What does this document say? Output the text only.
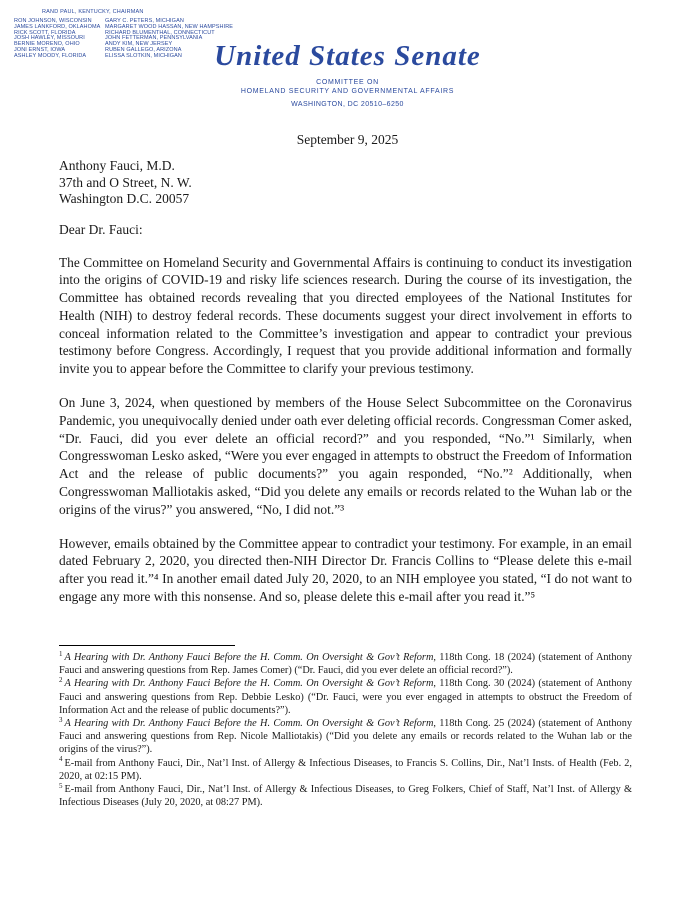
RAND PAUL, KENTUCKY, CHAIRMAN
RON JOHNSON, WISCONSIN
JAMES LANKFORD, OKLAHOMA
RICK SCOTT, FLORIDA
JOSH HAWLEY, MISSOURI
BERNIE MORENO, OHIO
JONI ERNST, IOWA
ASHLEY MOODY, FLORIDA
GARY C. PETERS, MICHIGAN
MARGARET WOOD HASSAN, NEW HAMPSHIRE
RICHARD BLUMENTHAL, CONNECTICUT
JOHN FETTERMAN, PENNSYLVANIA
ANDY KIM, NEW JERSEY
RUBEN GALLEGO, ARIZONA
ELISSA SLOTKIN, MICHIGAN	United States Senate
COMMITTEE ON
HOMELAND SECURITY AND GOVERNMENTAL AFFAIRS
WASHINGTON, DC 20510–6250
September 9, 2025
Anthony Fauci, M.D.
37th and O Street, N. W.
Washington D.C. 20057
Dear Dr. Fauci:

The Committee on Homeland Security and Governmental Affairs is continuing to conduct its investigation into the origins of COVID-19 and risky life sciences research. During the course of its investigation, the Committee has obtained records revealing that you directed employees of the National Institutes for Health (NIH) to destroy federal records. These documents suggest your direct involvement in efforts to conceal information related to the Committee’s investigation and appear to contradict your previous testimony before Congress. Accordingly, I request that you provide additional information and formally invite you to appear before the Committee to clarify your previous testimony.

On June 3, 2024, when questioned by members of the House Select Subcommittee on the Coronavirus Pandemic, you unequivocally denied under oath ever deleting official records. Congressman Comer asked, “Dr. Fauci, did you ever delete an official record?” and you responded, “No.”¹ Similarly, when Congresswoman Lesko asked, “Were you ever engaged in attempts to obstruct the Freedom of Information Act and the release of public documents?” you again responded, “No.”² Additionally, when Congresswoman Malliotakis asked, “Did you delete any emails or records related to the Wuhan lab or the origins of the virus?” you answered, “No, I did not.”³

However, emails obtained by the Committee appear to contradict your testimony. For example, in an email dated February 2, 2020, you directed then-NIH Director Dr. Francis Collins to “Please delete this e-mail after you read it.”⁴ In another email dated July 20, 2020, to an NIH employee you stated, “I do not want to engage any more with this nonsense. And so, please delete this e-mail after you read it.”⁵

$^1$ A Hearing with Dr. Anthony Fauci Before the H. Comm. On Oversight & Gov’t Reform, 118th Cong. 18 (2024) (statement of Anthony Fauci and answering questions from Rep. James Comer) (“Dr. Fauci, did you ever delete an official record?”).
$^2$ A Hearing with Dr. Anthony Fauci Before the H. Comm. On Oversight & Gov’t Reform, 118th Cong. 30 (2024) (statement of Anthony Fauci and answering questions from Rep. Debbie Lesko) (“Dr. Fauci, were you ever engaged in attempts to obstruct the Freedom of Information Act and the release of public documents?”).
$^3$ A Hearing with Dr. Anthony Fauci Before the H. Comm. On Oversight & Gov’t Reform, 118th Cong. 25 (2024) (statement of Anthony Fauci and answering questions from Rep. Nicole Malliotakis) (“Did you delete any emails or records related to the Wuhan lab or the origins of the virus?”).
$^4$ E-mail from Anthony Fauci, Dir., Nat’l Inst. of Allergy & Infectious Diseases, to Francis S. Collins, Dir., Nat’l Insts. of Health (Feb. 2, 2020, at 02:15 PM).
$^5$ E-mail from Anthony Fauci, Dir., Nat’l Inst. of Allergy & Infectious Diseases, to Greg Folkers, Chief of Staff, Nat’l Inst. of Allergy & Infectious Diseases (July 20, 2020, at 08:27 PM).
